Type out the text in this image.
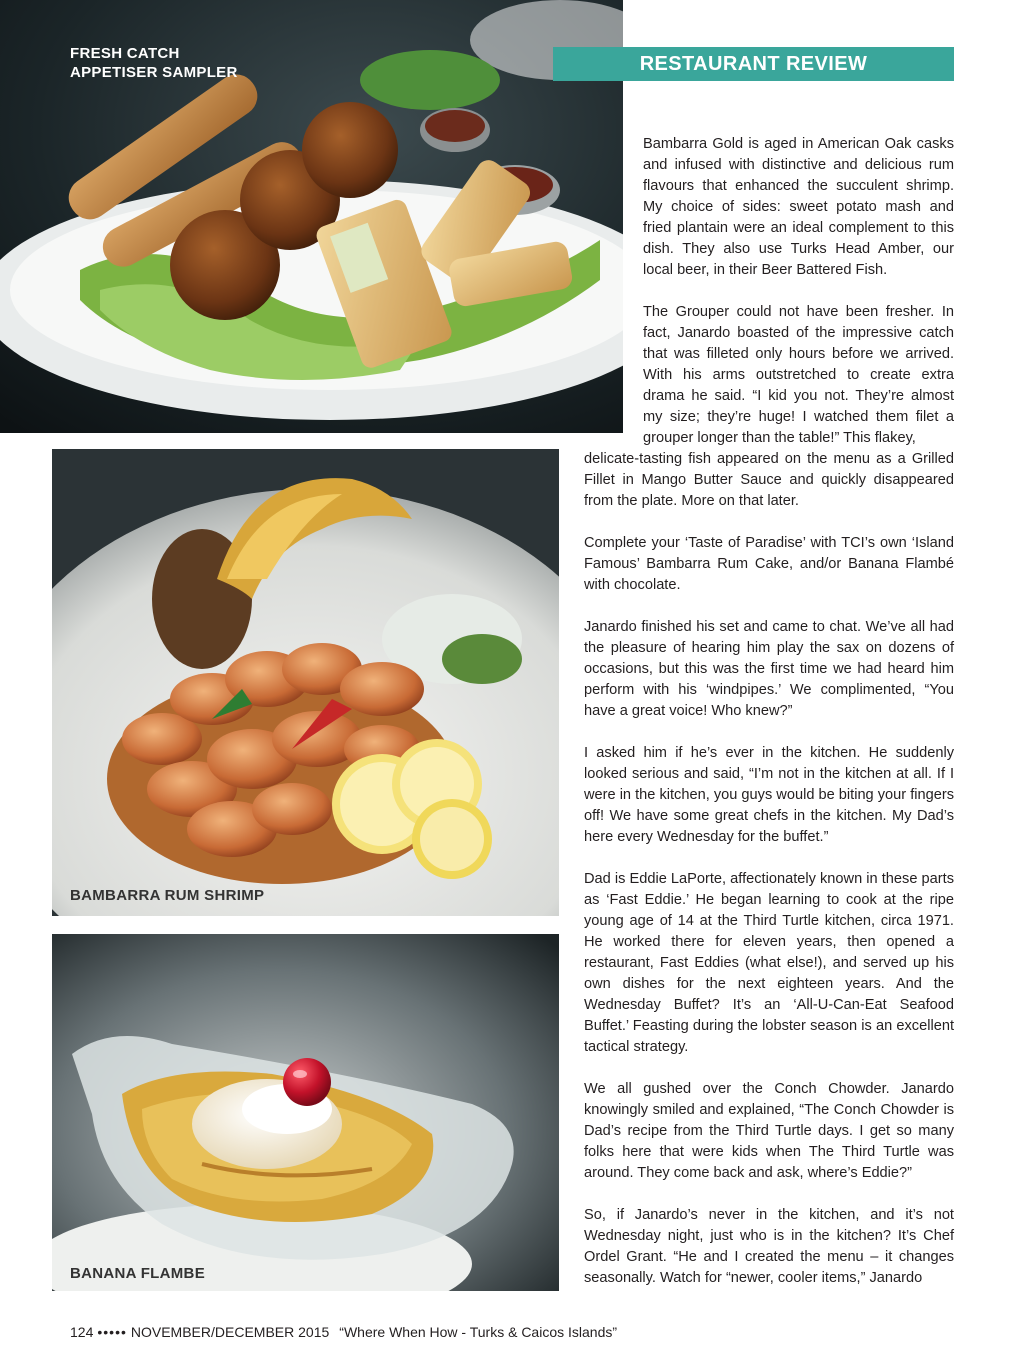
FRESH CATCH
APPETISER SAMPLER	RESTAURANT REVIEW

Bambarra Gold is aged in American Oak casks and infused with distinctive and delicious rum flavours that enhanced the succulent shrimp. My choice of sides: sweet potato mash and fried plantain were an ideal complement to this dish. They also use Turks Head Amber, our local beer, in their Beer Battered Fish.

The Grouper could not have been fresher. In fact, Janardo boasted of the impressive catch that was filleted only hours before we arrived. With his arms outstretched to create extra drama he said. “I kid you not. They’re almost my size; they’re huge! I watched them filet a grouper longer than the table!” This flakey,

BAMBARRA RUM SHRIMP
BANANA FLAMBE

delicate-tasting fish appeared on the menu as a Grilled Fillet in Mango Butter Sauce and quickly disappeared from the plate. More on that later.

Complete your ‘Taste of Paradise’ with TCI’s own ‘Island Famous’ Bambarra Rum Cake, and/or Banana Flambé with chocolate.

Janardo finished his set and came to chat. We’ve all had the pleasure of hearing him play the sax on dozens of occasions, but this was the first time we had heard him perform with his ‘windpipes.’ We complimented, “You have a great voice! Who knew?”

I asked him if he’s ever in the kitchen. He suddenly looked serious and said, “I’m not in the kitchen at all. If I were in the kitchen, you guys would be biting your fingers off! We have some great chefs in the kitchen. My Dad’s here every Wednesday for the buffet.”

Dad is Eddie LaPorte, affectionately known in these parts as ‘Fast Eddie.’ He began learning to cook at the ripe young age of 14 at the Third Turtle kitchen, circa 1971. He worked there for eleven years, then opened a restaurant, Fast Eddies (what else!), and served up his own dishes for the next eighteen years. And the Wednesday Buffet? It’s an ‘All-U-Can-Eat Seafood Buffet.’ Feasting during the lobster season is an excellent tactical strategy.

We all gushed over the Conch Chowder. Janardo knowingly smiled and explained, “The Conch Chowder is Dad’s recipe from the Third Turtle days. I get so many folks here that were kids when The Third Turtle was around. They come back and ask, where’s Eddie?”

So, if Janardo’s never in the kitchen, and it’s not Wednesday night, just who is in the kitchen? It’s Chef Ordel Grant. “He and I created the menu – it changes seasonally. Watch for “newer, cooler items,” Janardo

124 ••••• NOVEMBER/DECEMBER 2015 “Where When How - Turks & Caicos Islands”
